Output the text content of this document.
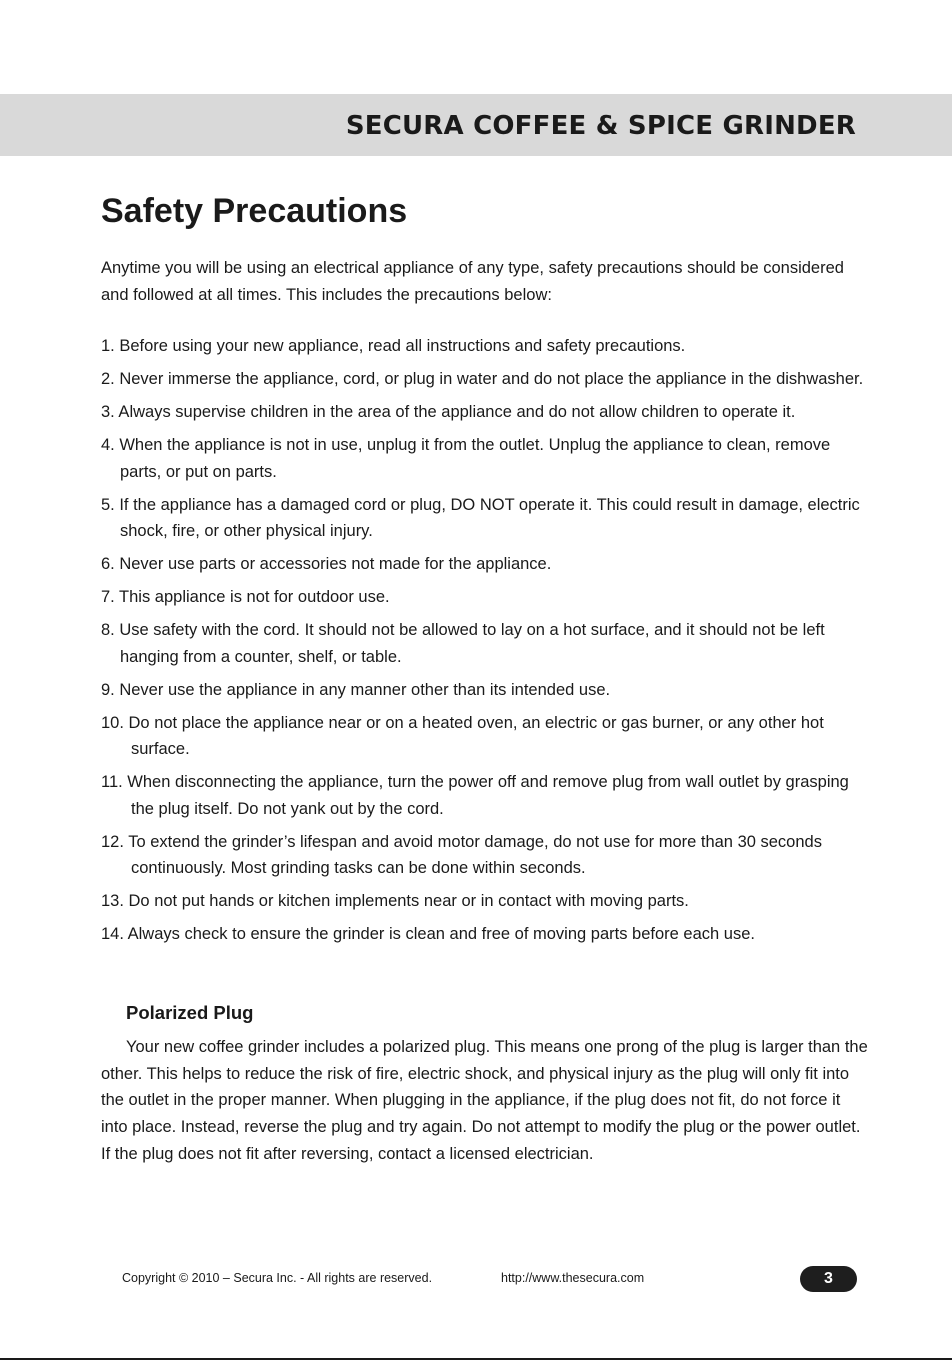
SECURA COFFEE & SPICE GRINDER
Safety Precautions

Anytime you will be using an electrical appliance of any type, safety precautions should be considered and followed at all times. This includes the precautions below:

1. Before using your new appliance, read all instructions and safety precautions.
2. Never immerse the appliance, cord, or plug in water and do not place the appliance in the dishwasher.
3. Always supervise children in the area of the appliance and do not allow children to operate it.
4. When the appliance is not in use, unplug it from the outlet. Unplug the appliance to clean, remove parts, or put on parts.
5. If the appliance has a damaged cord or plug, DO NOT operate it. This could result in damage, electric shock, fire, or other physical injury.
6. Never use parts or accessories not made for the appliance.
7. This appliance is not for outdoor use.
8. Use safety with the cord. It should not be allowed to lay on a hot surface, and it should not be left hanging from a counter, shelf, or table.
9. Never use the appliance in any manner other than its intended use.
10. Do not place the appliance near or on a heated oven, an electric or gas burner, or any other hot surface.
11. When disconnecting the appliance, turn the power off and remove plug from wall outlet by grasping the plug itself. Do not yank out by the cord.
12. To extend the grinder’s lifespan and avoid motor damage, do not use for more than 30 seconds continuously. Most grinding tasks can be done within seconds.
13. Do not put hands or kitchen implements near or in contact with moving parts.
14. Always check to ensure the grinder is clean and free of moving parts before each use.
Polarized Plug

Your new coffee grinder includes a polarized plug. This means one prong of the plug is larger than the other. This helps to reduce the risk of fire, electric shock, and physical injury as the plug will only fit into the outlet in the proper manner. When plugging in the appliance, if the plug does not fit, do not force it into place. Instead, reverse the plug and try again. Do not attempt to modify the plug or the power outlet. If the plug does not fit after reversing, contact a licensed electrician.

Copyright © 2010 – Secura Inc. - All rights are reserved.	http://www.thesecura.com	3
